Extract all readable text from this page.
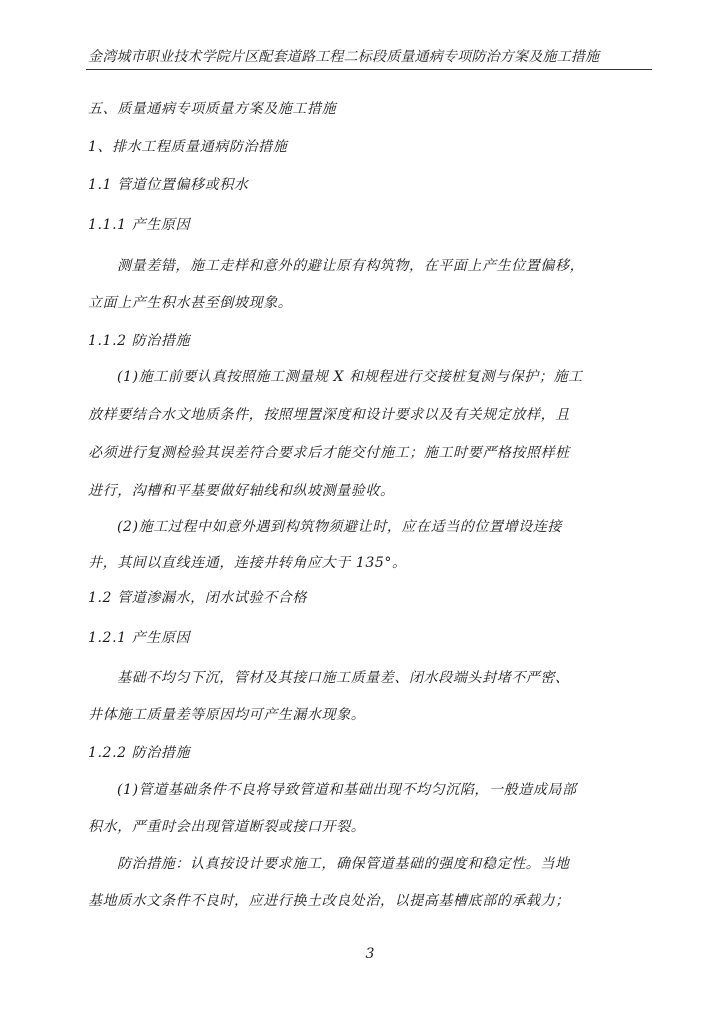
金湾城市职业技术学院片区配套道路工程二标段质量通病专项防治方案及施工措施
五、质量通病专项质量方案及施工措施
1、排水工程质量通病防治措施
1.1 管道位置偏移或积水
1.1.1 产生原因
测量差错，施工走样和意外的避让原有构筑物，在平面上产生位置偏移，
立面上产生积水甚至倒坡现象。
1.1.2 防治措施
(1)施工前要认真按照施工测量规 X 和规程进行交接桩复测与保护；施工
放样要结合水文地质条件，按照埋置深度和设计要求以及有关规定放样，且
必须进行复测检验其误差符合要求后才能交付施工；施工时要严格按照样桩
进行，沟槽和平基要做好轴线和纵坡测量验收。
(2)施工过程中如意外遇到构筑物须避让时，应在适当的位置增设连接
井，其间以直线连通，连接井转角应大于 135°。
1.2 管道渗漏水，闭水试验不合格
1.2.1 产生原因
基础不均匀下沉，管材及其接口施工质量差、闭水段端头封堵不严密、
井体施工质量差等原因均可产生漏水现象。
1.2.2 防治措施
(1)管道基础条件不良将导致管道和基础出现不均匀沉陷，一般造成局部
积水，严重时会出现管道断裂或接口开裂。
防治措施：认真按设计要求施工，确保管道基础的强度和稳定性。当地
基地质水文条件不良时，应进行换土改良处治，以提高基槽底部的承载力；
3
